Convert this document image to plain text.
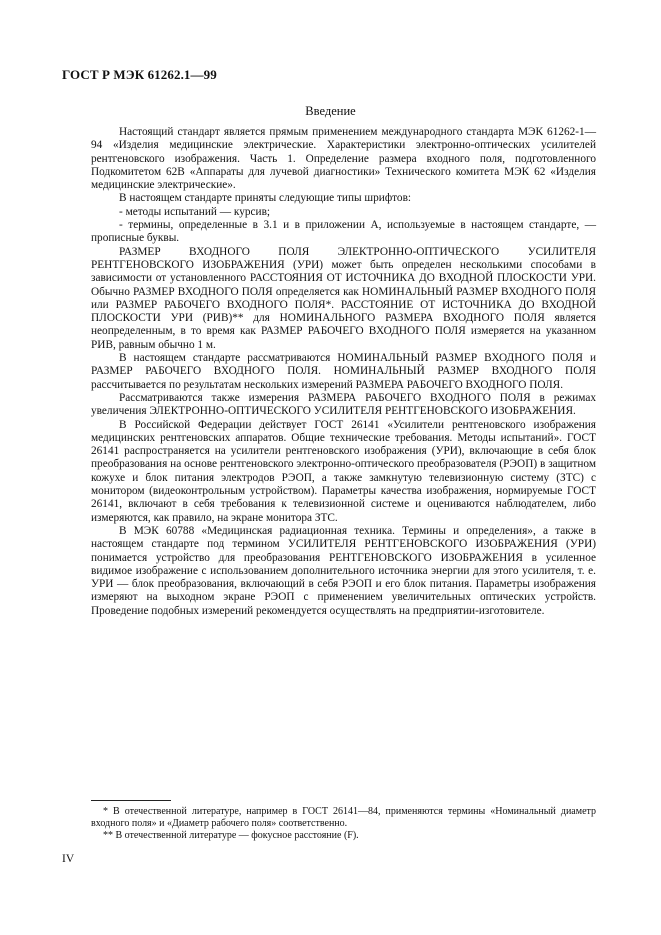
ГОСТ Р МЭК 61262.1—99
Введение

Настоящий стандарт является прямым применением международного стандарта МЭК 61262-1—94 «Изделия медицинские электрические. Характеристики электронно-оптических усилителей рентгеновского изображения. Часть 1. Определение размера входного поля, подготовленного Подкомитетом 62В «Аппараты для лучевой диагностики» Технического комитета МЭК 62 «Изделия медицинские электрические».

В настоящем стандарте приняты следующие типы шрифтов:

- методы испытаний — курсив;

- термины, определенные в 3.1 и в приложении А, используемые в настоящем стандарте, — прописные буквы.

РАЗМЕР ВХОДНОГО ПОЛЯ ЭЛЕКТРОННО-ОПТИЧЕСКОГО УСИЛИТЕЛЯ РЕНТГЕНОВСКОГО ИЗОБРАЖЕНИЯ (УРИ) может быть определен несколькими способами в зависимости от установленного РАССТОЯНИЯ ОТ ИСТОЧНИКА ДО ВХОДНОЙ ПЛОСКОСТИ УРИ. Обычно РАЗМЕР ВХОДНОГО ПОЛЯ определяется как НОМИНАЛЬНЫЙ РАЗМЕР ВХОДНОГО ПОЛЯ или РАЗМЕР РАБОЧЕГО ВХОДНОГО ПОЛЯ*. РАССТОЯНИЕ ОТ ИСТОЧНИКА ДО ВХОДНОЙ ПЛОСКОСТИ УРИ (РИВ)** для НОМИНАЛЬНОГО РАЗМЕРА ВХОДНОГО ПОЛЯ является неопределенным, в то время как РАЗМЕР РАБОЧЕГО ВХОДНОГО ПОЛЯ измеряется на указанном РИВ, равным обычно 1 м.

В настоящем стандарте рассматриваются НОМИНАЛЬНЫЙ РАЗМЕР ВХОДНОГО ПОЛЯ и РАЗМЕР РАБОЧЕГО ВХОДНОГО ПОЛЯ. НОМИНАЛЬНЫЙ РАЗМЕР ВХОДНОГО ПОЛЯ рассчитывается по результатам нескольких измерений РАЗМЕРА РАБОЧЕГО ВХОДНОГО ПОЛЯ.

Рассматриваются также измерения РАЗМЕРА РАБОЧЕГО ВХОДНОГО ПОЛЯ в режимах увеличения ЭЛЕКТРОННО-ОПТИЧЕСКОГО УСИЛИТЕЛЯ РЕНТГЕНОВСКОГО ИЗОБРАЖЕНИЯ.

В Российской Федерации действует ГОСТ 26141 «Усилители рентгеновского изображения медицинских рентгеновских аппаратов. Общие технические требования. Методы испытаний». ГОСТ 26141 распространяется на усилители рентгеновского изображения (УРИ), включающие в себя блок преобразования на основе рентгеновского электронно-оптического преобразователя (РЭОП) в защитном кожухе и блок питания электродов РЭОП, а также замкнутую телевизионную систему (ЗТС) с монитором (видеоконтрольным устройством). Параметры качества изображения, нормируемые ГОСТ 26141, включают в себя требования к телевизионной системе и оцениваются наблюдателем, либо измеряются, как правило, на экране монитора ЗТС.

В МЭК 60788 «Медицинская радиационная техника. Термины и определения», а также в настоящем стандарте под термином УСИЛИТЕЛЯ РЕНТГЕНОВСКОГО ИЗОБРАЖЕНИЯ (УРИ) понимается устройство для преобразования РЕНТГЕНОВСКОГО ИЗОБРАЖЕНИЯ в усиленное видимое изображение с использованием дополнительного источника энергии для этого усилителя, т. е. УРИ — блок преобразования, включающий в себя РЭОП и его блок питания. Параметры изображения измеряют на выходном экране РЭОП с применением увеличительных оптических устройств. Проведение подобных измерений рекомендуется осуществлять на предприятии-изготовителе.

* В отечественной литературе, например в ГОСТ 26141—84, применяются термины «Номинальный диаметр входного поля» и «Диаметр рабочего поля» соответственно.

** В отечественной литературе — фокусное расстояние (F).

IV
